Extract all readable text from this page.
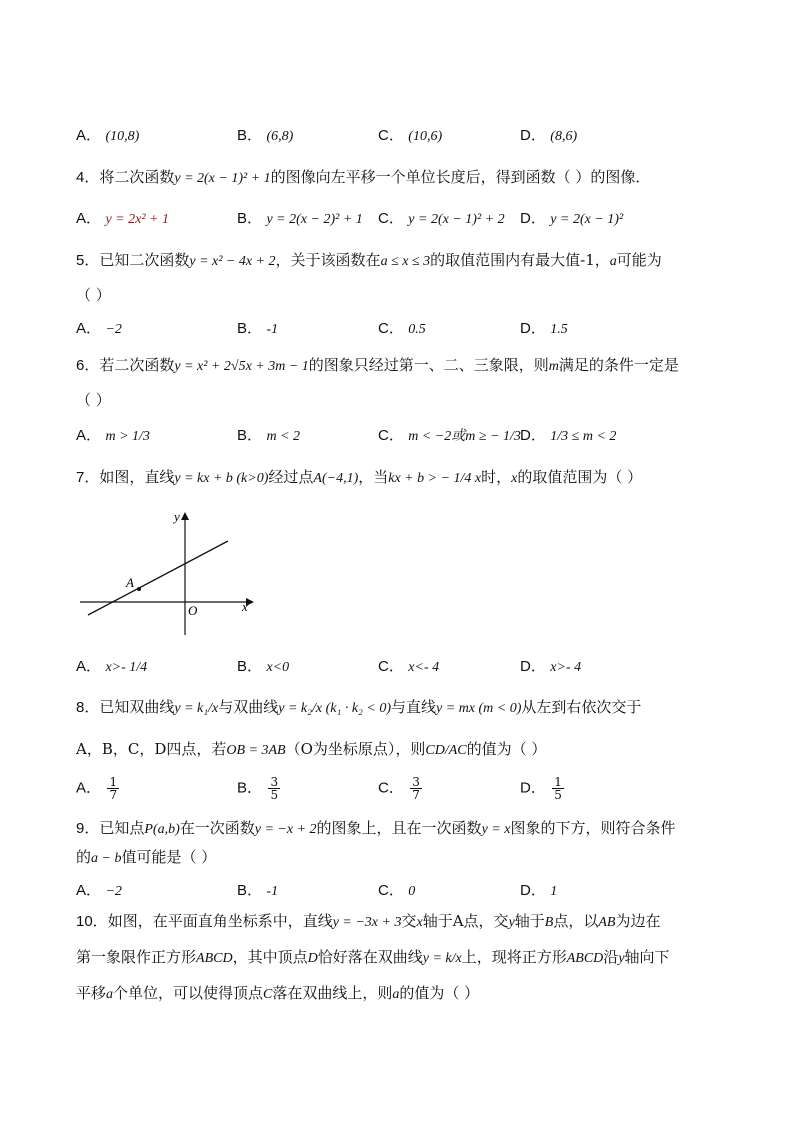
A． (10,8)	B． (6,8)	C． (10,6)	D． (8,6)
4．将二次函数y = 2(x − 1)² + 1的图像向左平移一个单位长度后，得到函数（ ）的图像．
A． y = 2x² + 1	B． y = 2(x − 2)² + 1 C． y = 2(x − 1)² + 2 D． y = 2(x − 1)²
5．已知二次函数y = x² − 4x + 2，关于该函数在a ≤ x ≤ 3的取值范围内有最大值-1，a可能为
（ ）
A． −2	B． -1	C． 0.5	D． 1.5
6．若二次函数y = x² + 2√5x + 3m − 1的图象只经过第一、二、三象限，则m满足的条件一定是
（ ）
A． m > 1/3	B． m < 2	C． m < −2或m ≥ − 1/3 D． 1/3 ≤ m < 2
7．如图，直线y = kx + b (k>0)经过点A(−4,1)，当kx + b > − 1/4 x时，x的取值范围为（ ）
A
y
x
O
A． x>- 1/4	B． x<0	C． x<- 4	D． x>- 4
8．已知双曲线y = k₁/x与双曲线y = k₂/x (k₁ · k₂ < 0)与直线y = mx (m < 0)从左到右依次交于
A，B，C，D四点，若OB = 3AB（O为坐标原点），则CD/AC的值为（ ）
A． $\frac{1}{7}$	B． $\frac{3}{5}$	C． $\frac{3}{7}$	D． $\frac{1}{5}$
9．已知点P(a,b)在一次函数y = −x + 2的图象上，且在一次函数y = x图象的下方，则符合条件
的a − b值可能是（ ）
A． −2	B． -1	C． 0	D． 1
10．如图，在平面直角坐标系中，直线y = −3x + 3交x轴于A点，交y轴于B点，以AB为边在
第一象限作正方形ABCD，其中顶点D恰好落在双曲线y = k/x上，现将正方形ABCD沿y轴向下
平移a个单位，可以使得顶点C落在双曲线上，则a的值为（ ）
